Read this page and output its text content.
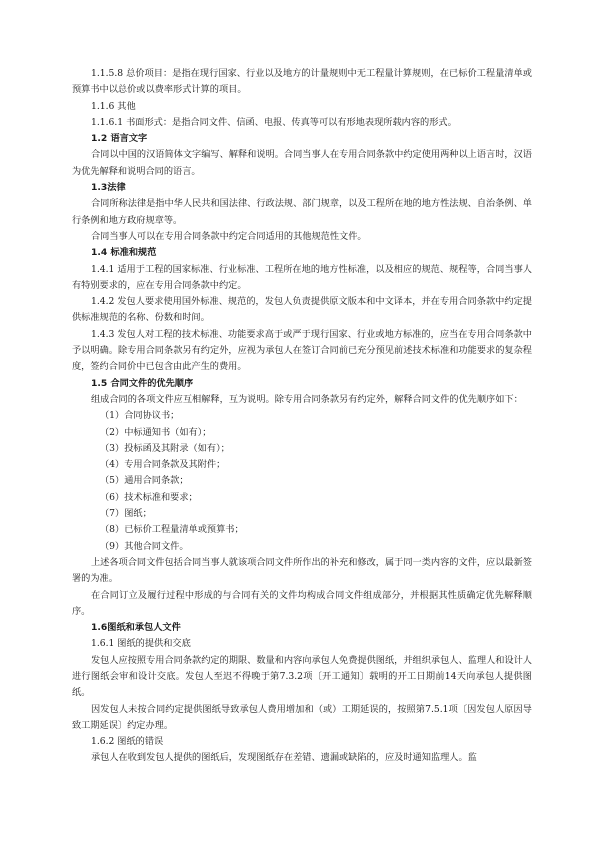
1.1.5.8 总价项目：是指在现行国家、行业以及地方的计量规则中无工程量计算规则，在已标价工程量清单或预算书中以总价或以费率形式计算的项目。

1.1.6 其他

1.1.6.1 书面形式：是指合同文件、信函、电报、传真等可以有形地表现所载内容的形式。

1.2 语言文字

合同以中国的汉语简体文字编写、解释和说明。合同当事人在专用合同条款中约定使用两种以上语言时，汉语为优先解释和说明合同的语言。

1.3法律

合同所称法律是指中华人民共和国法律、行政法规、部门规章，以及工程所在地的地方性法规、自治条例、单行条例和地方政府规章等。

合同当事人可以在专用合同条款中约定合同适用的其他规范性文件。

1.4 标准和规范

1.4.1 适用于工程的国家标准、行业标准、工程所在地的地方性标准，以及相应的规范、规程等，合同当事人有特别要求的，应在专用合同条款中约定。

1.4.2 发包人要求使用国外标准、规范的，发包人负责提供原文版本和中文译本，并在专用合同条款中约定提供标准规范的名称、份数和时间。

1.4.3 发包人对工程的技术标准、功能要求高于或严于现行国家、行业或地方标准的，应当在专用合同条款中予以明确。除专用合同条款另有约定外，应视为承包人在签订合同前已充分预见前述技术标准和功能要求的复杂程度，签约合同价中已包含由此产生的费用。

1.5 合同文件的优先顺序

组成合同的各项文件应互相解释，互为说明。除专用合同条款另有约定外，解释合同文件的优先顺序如下：

（1）合同协议书；

（2）中标通知书（如有）；

（3）投标函及其附录（如有）；

（4）专用合同条款及其附件；

（5）通用合同条款；

（6）技术标准和要求；

（7）图纸；

（8）已标价工程量清单或预算书；

（9）其他合同文件。

上述各项合同文件包括合同当事人就该项合同文件所作出的补充和修改，属于同一类内容的文件，应以最新签署的为准。

在合同订立及履行过程中形成的与合同有关的文件均构成合同文件组成部分，并根据其性质确定优先解释顺序。

1.6图纸和承包人文件

1.6.1 图纸的提供和交底

发包人应按照专用合同条款约定的期限、数量和内容向承包人免费提供图纸，并组织承包人、监理人和设计人进行图纸会审和设计交底。发包人至迟不得晚于第7.3.2项〔开工通知〕载明的开工日期前14天向承包人提供图纸。

因发包人未按合同约定提供图纸导致承包人费用增加和（或）工期延误的，按照第7.5.1项〔因发包人原因导致工期延误〕约定办理。

1.6.2 图纸的错误

承包人在收到发包人提供的图纸后，发现图纸存在差错、遗漏或缺陷的，应及时通知监理人。监
